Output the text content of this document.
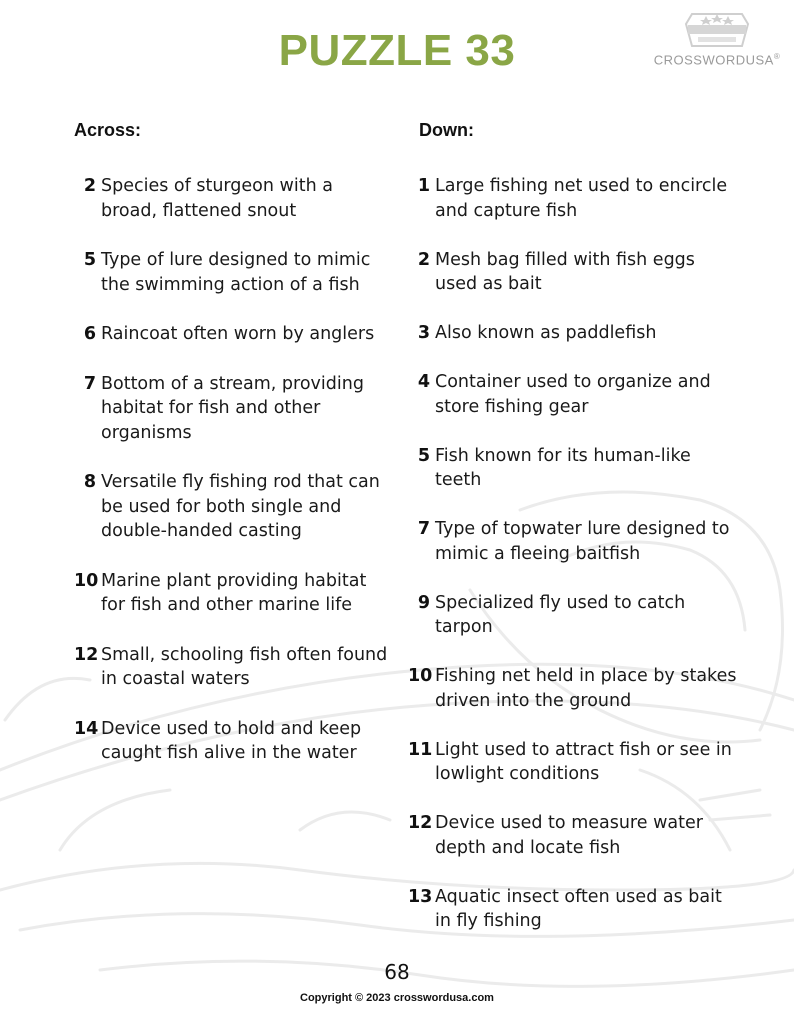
PUZZLE 33	CROSSWORDUSA®
Across:
2 Species of sturgeon with a broad, flattened snout
5 Type of lure designed to mimic the swimming action of a fish
6 Raincoat often worn by anglers
7 Bottom of a stream, providing habitat for fish and other organisms
8 Versatile fly fishing rod that can be used for both single and double-handed casting
10 Marine plant providing habitat for fish and other marine life
12 Small, schooling fish often found in coastal waters
14 Device used to hold and keep caught fish alive in the water
Down:
1 Large fishing net used to encircle and capture fish
2 Mesh bag filled with fish eggs used as bait
3 Also known as paddlefish
4 Container used to organize and store fishing gear
5 Fish known for its human-like teeth
7 Type of topwater lure designed to mimic a fleeing baitfish
9 Specialized fly used to catch tarpon
10 Fishing net held in place by stakes driven into the ground
11 Light used to attract fish or see in lowlight conditions
12 Device used to measure water depth and locate fish
13 Aquatic insect often used as bait in fly fishing
68
Copyright © 2023 crosswordusa.com
